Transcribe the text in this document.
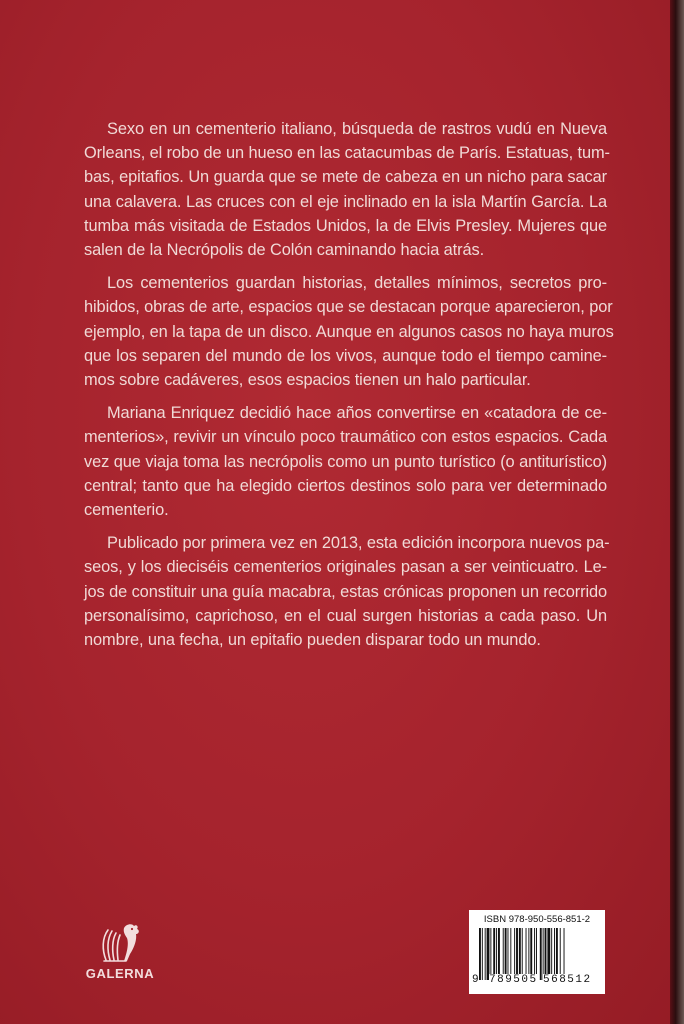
Sexo en un cementerio italiano, búsqueda de rastros vudú en Nueva
Orleans, el robo de un hueso en las catacumbas de París. Estatuas, tum-
bas, epitafios. Un guarda que se mete de cabeza en un nicho para sacar
una calavera. Las cruces con el eje inclinado en la isla Martín García. La
tumba más visitada de Estados Unidos, la de Elvis Presley. Mujeres que
salen de la Necrópolis de Colón caminando hacia atrás.

Los cementerios guardan historias, detalles mínimos, secretos pro-
hibidos, obras de arte, espacios que se destacan porque aparecieron, por
ejemplo, en la tapa de un disco. Aunque en algunos casos no haya muros
que los separen del mundo de los vivos, aunque todo el tiempo camine-
mos sobre cadáveres, esos espacios tienen un halo particular.

Mariana Enriquez decidió hace años convertirse en «catadora de ce-
menterios», revivir un vínculo poco traumático con estos espacios. Cada
vez que viaja toma las necrópolis como un punto turístico (o antiturístico)
central; tanto que ha elegido ciertos destinos solo para ver determinado
cementerio.

Publicado por primera vez en 2013, esta edición incorpora nuevos pa-
seos, y los dieciséis cementerios originales pasan a ser veinticuatro. Le-
jos de constituir una guía macabra, estas crónicas proponen un recorrido
personalísimo, caprichoso, en el cual surgen historias a cada paso. Un
nombre, una fecha, un epitafio pueden disparar todo un mundo.

GALERNA
ISBN 978-950-556-851-2
9 789505 568512
